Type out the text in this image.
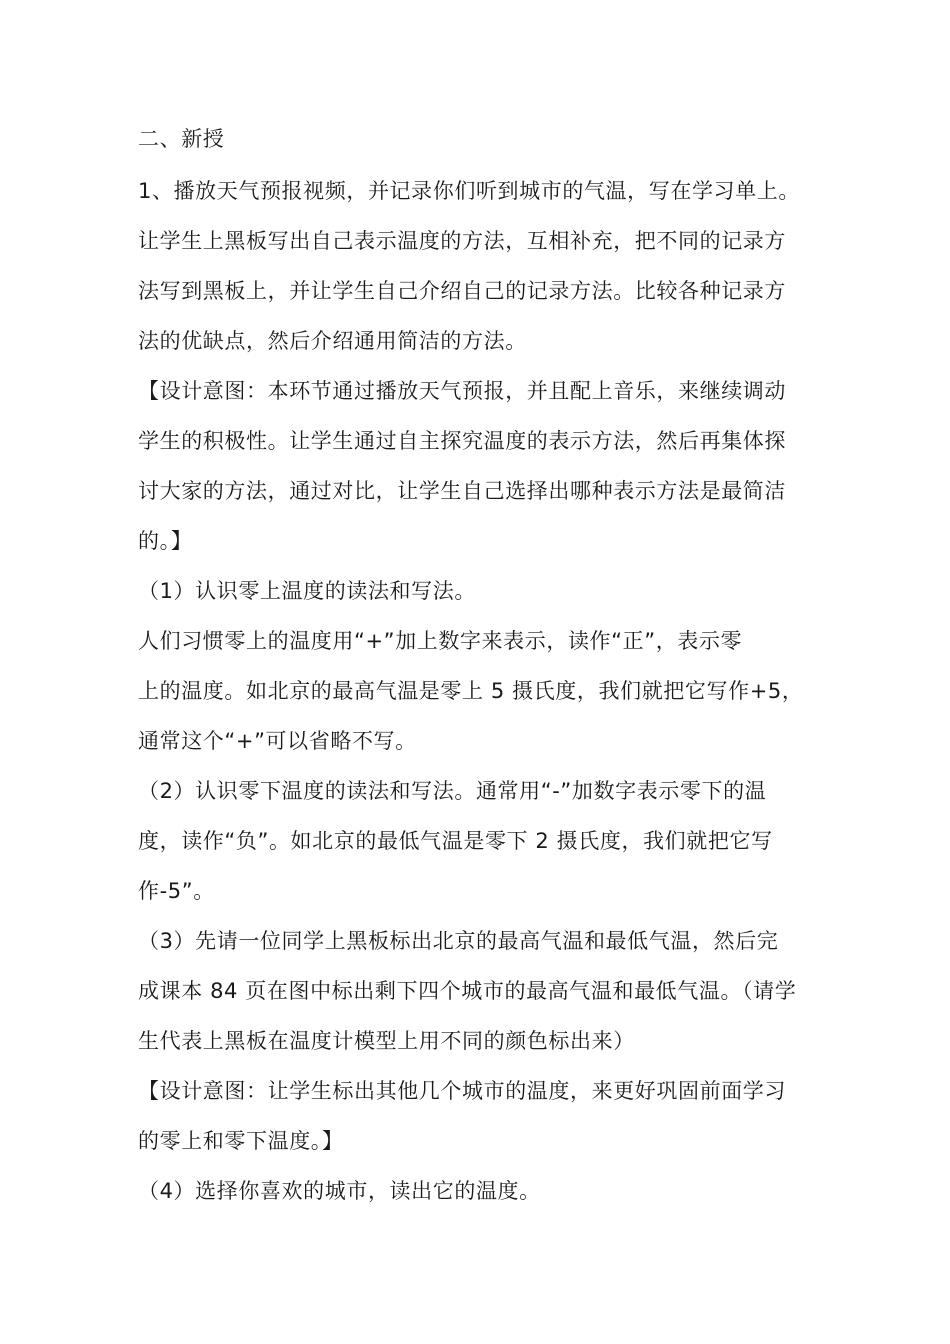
二、新授
1、播放天气预报视频，并记录你们听到城市的气温，写在学习单上。
让学生上黑板写出自己表示温度的方法，互相补充，把不同的记录方
法写到黑板上，并让学生自己介绍自己的记录方法。比较各种记录方
法的优缺点，然后介绍通用简洁的方法。
【设计意图：本环节通过播放天气预报，并且配上音乐，来继续调动
学生的积极性。让学生通过自主探究温度的表示方法，然后再集体探
讨大家的方法，通过对比，让学生自己选择出哪种表示方法是最简洁
的。】
（1）认识零上温度的读法和写法。
人们习惯零上的温度用“+”加上数字来表示，读作“正”，表示零
上的温度。如北京的最高气温是零上 5 摄氏度，我们就把它写作+5，
通常这个“+”可以省略不写。
（2）认识零下温度的读法和写法。通常用“-”加数字表示零下的温
度，读作“负”。如北京的最低气温是零下 2 摄氏度，我们就把它写
作-5”。
（3）先请一位同学上黑板标出北京的最高气温和最低气温，然后完
成课本 84 页在图中标出剩下四个城市的最高气温和最低气温。（请学
生代表上黑板在温度计模型上用不同的颜色标出来）
【设计意图：让学生标出其他几个城市的温度，来更好巩固前面学习
的零上和零下温度。】
（4）选择你喜欢的城市，读出它的温度。
